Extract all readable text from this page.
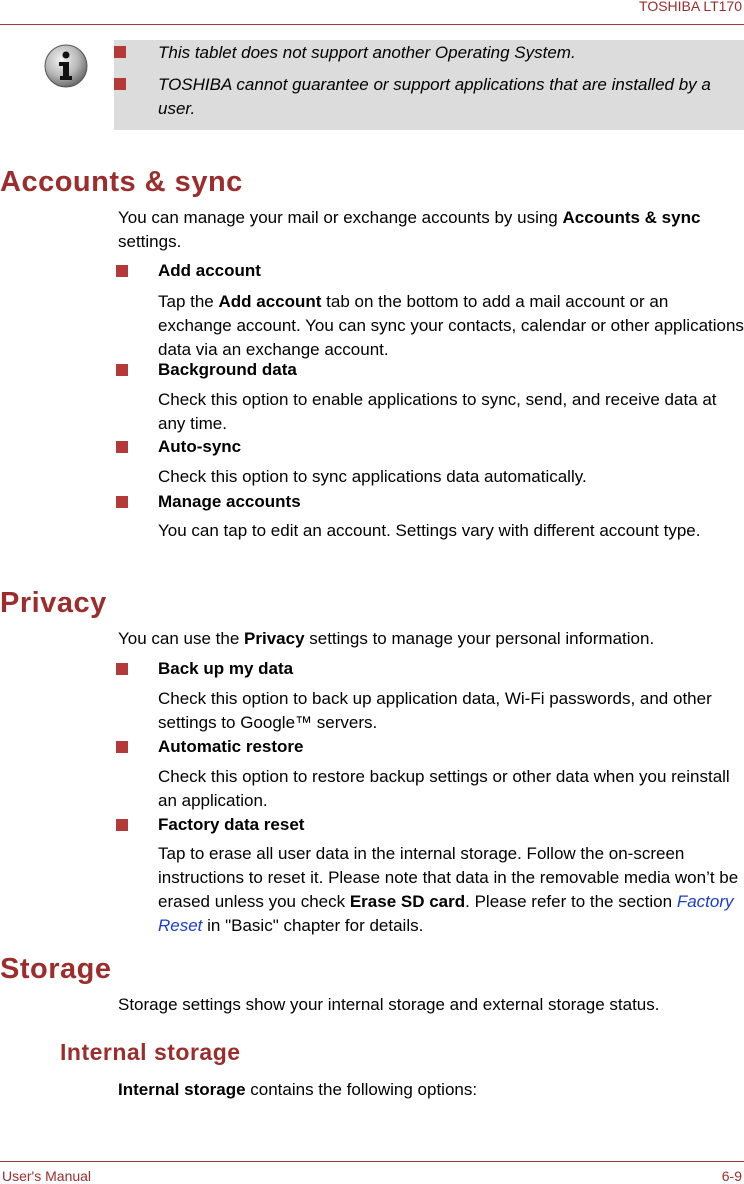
TOSHIBA LT170
This tablet does not support another Operating System.
TOSHIBA cannot guarantee or support applications that are installed by a user.
Accounts & sync
You can manage your mail or exchange accounts by using Accounts & sync settings.
Add account
Tap the Add account tab on the bottom to add a mail account or an exchange account. You can sync your contacts, calendar or other applications data via an exchange account.
Background data
Check this option to enable applications to sync, send, and receive data at any time.
Auto-sync
Check this option to sync applications data automatically.
Manage accounts
You can tap to edit an account. Settings vary with different account type.
Privacy
You can use the Privacy settings to manage your personal information.
Back up my data
Check this option to back up application data, Wi-Fi passwords, and other settings to Google™ servers.
Automatic restore
Check this option to restore backup settings or other data when you reinstall an application.
Factory data reset
Tap to erase all user data in the internal storage. Follow the on-screen instructions to reset it. Please note that data in the removable media won’t be erased unless you check Erase SD card. Please refer to the section Factory Reset in "Basic" chapter for details.
Storage
Storage settings show your internal storage and external storage status.
Internal storage
Internal storage contains the following options:
User's Manual	6-9
